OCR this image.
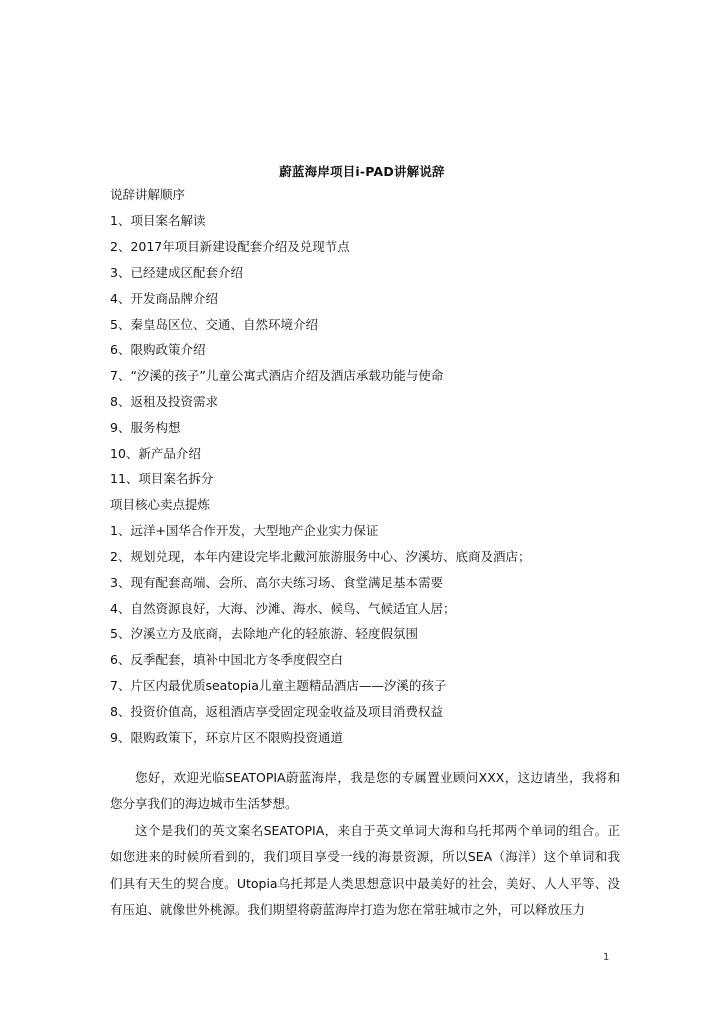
蔚蓝海岸项目i-PAD讲解说辞
说辞讲解顺序
1、项目案名解读
2、2017年项目新建设配套介绍及兑现节点
3、已经建成区配套介绍
4、开发商品牌介绍
5、秦皇岛区位、交通、自然环境介绍
6、限购政策介绍
7、“汐溪的孩子”儿童公寓式酒店介绍及酒店承载功能与使命
8、返租及投资需求
9、服务构想
10、新产品介绍
11、项目案名拆分
项目核心卖点提炼
1、远洋+国华合作开发，大型地产企业实力保证
2、规划兑现，本年内建设完毕北戴河旅游服务中心、汐溪坊、底商及酒店；
3、现有配套高端、会所、高尔夫练习场、食堂满足基本需要
4、自然资源良好，大海、沙滩、海水、候鸟、气候适宜人居；
5、汐溪立方及底商，去除地产化的轻旅游、轻度假氛围
6、反季配套，填补中国北方冬季度假空白
7、片区内最优质seatopia儿童主题精品酒店——汐溪的孩子
8、投资价值高，返租酒店享受固定现金收益及项目消费权益
9、限购政策下，环京片区不限购投资通道

您好，欢迎光临SEATOPIA蔚蓝海岸，我是您的专属置业顾问XXX，这边请坐，我将和您分享我们的海边城市生活梦想。

这个是我们的英文案名SEATOPIA，来自于英文单词大海和乌托邦两个单词的组合。正如您进来的时候所看到的，我们项目享受一线的海景资源，所以SEA（海洋）这个单词和我们具有天生的契合度。Utopia乌托邦是人类思想意识中最美好的社会，美好、人人平等、没有压迫、就像世外桃源。我们期望将蔚蓝海岸打造为您在常驻城市之外，可以释放压力

1
